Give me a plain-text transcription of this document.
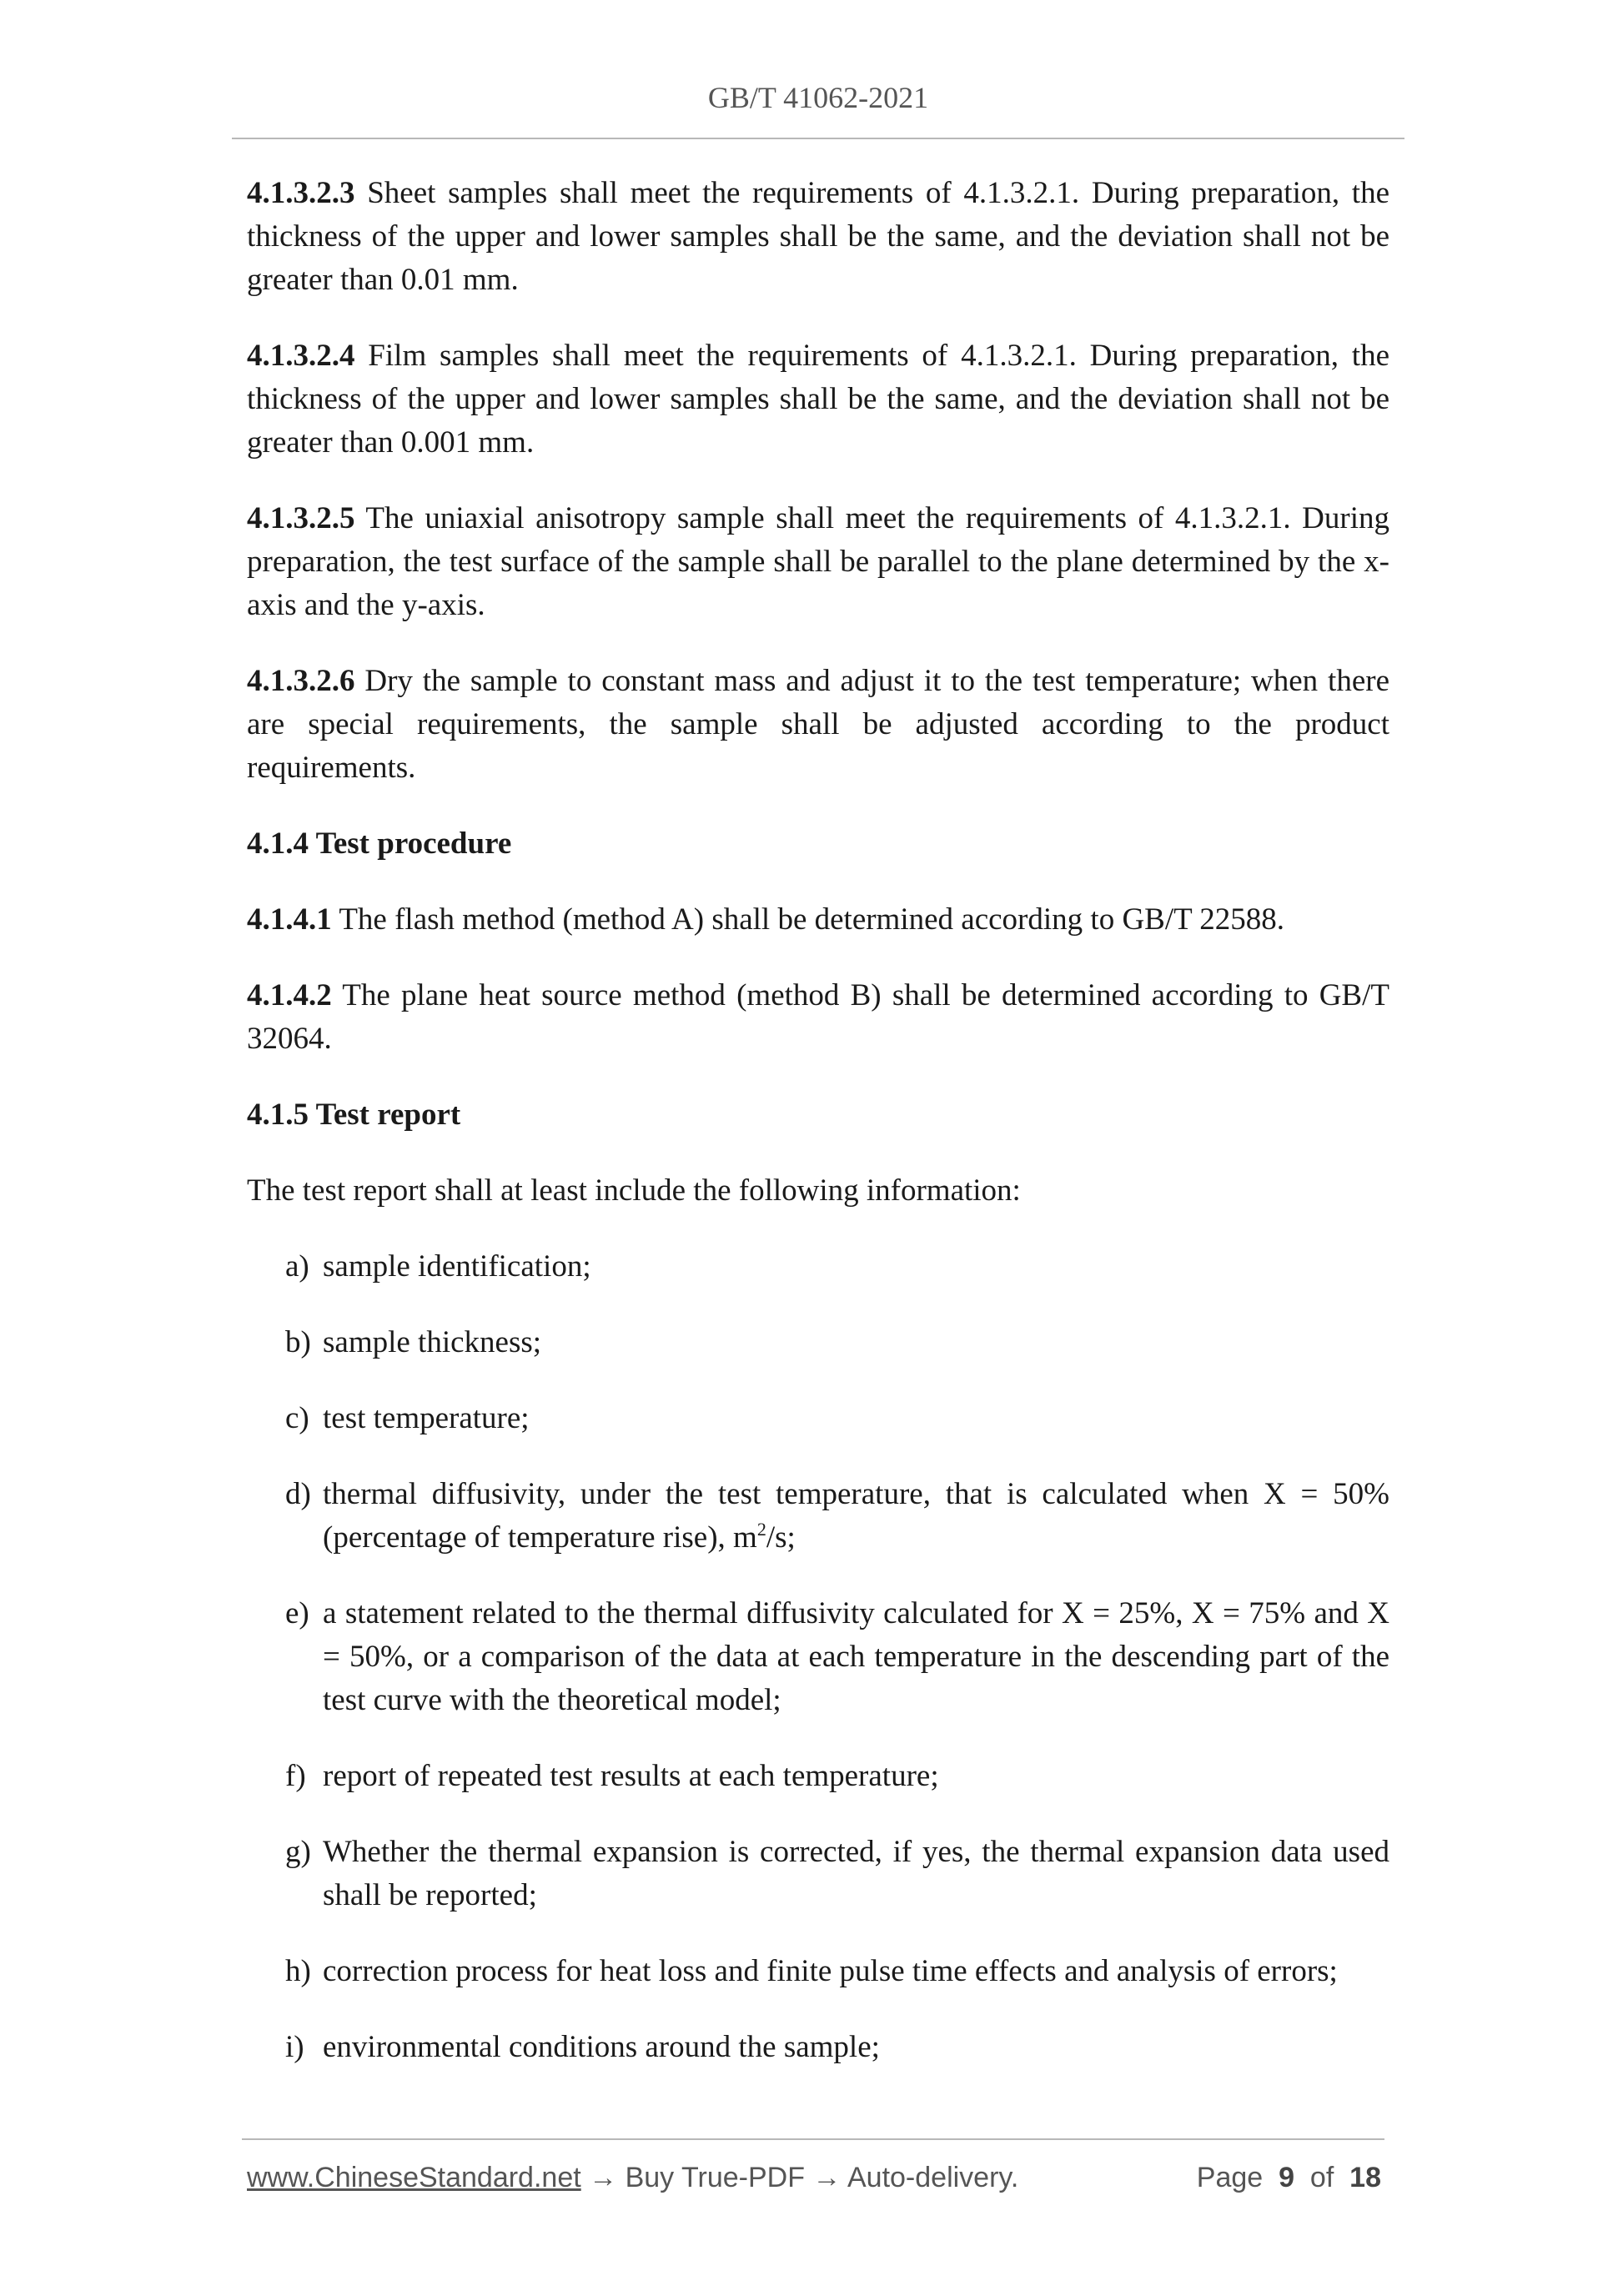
GB/T 41062-2021

4.1.3.2.3 Sheet samples shall meet the requirements of 4.1.3.2.1. During preparation, the thickness of the upper and lower samples shall be the same, and the deviation shall not be greater than 0.01 mm.

4.1.3.2.4 Film samples shall meet the requirements of 4.1.3.2.1. During preparation, the thickness of the upper and lower samples shall be the same, and the deviation shall not be greater than 0.001 mm.

4.1.3.2.5 The uniaxial anisotropy sample shall meet the requirements of 4.1.3.2.1. During preparation, the test surface of the sample shall be parallel to the plane determined by the x-axis and the y-axis.

4.1.3.2.6 Dry the sample to constant mass and adjust it to the test temperature; when there are special requirements, the sample shall be adjusted according to the product requirements.

4.1.4 Test procedure

4.1.4.1 The flash method (method A) shall be determined according to GB/T 22588.

4.1.4.2 The plane heat source method (method B) shall be determined according to GB/T 32064.

4.1.5 Test report

The test report shall at least include the following information:

a) sample identification;
b) sample thickness;
c) test temperature;
d) thermal diffusivity, under the test temperature, that is calculated when X = 50% (percentage of temperature rise), $m^2/s$;
e) a statement related to the thermal diffusivity calculated for X = 25%, X = 75% and X = 50%, or a comparison of the data at each temperature in the descending part of the test curve with the theoretical model;
f) report of repeated test results at each temperature;
g) Whether the thermal expansion is corrected, if yes, the thermal expansion data used shall be reported;
h) correction process for heat loss and finite pulse time effects and analysis of errors;
i) environmental conditions around the sample;
www.ChineseStandard.net → Buy True-PDF → Auto-delivery.	Page 9 of 18
